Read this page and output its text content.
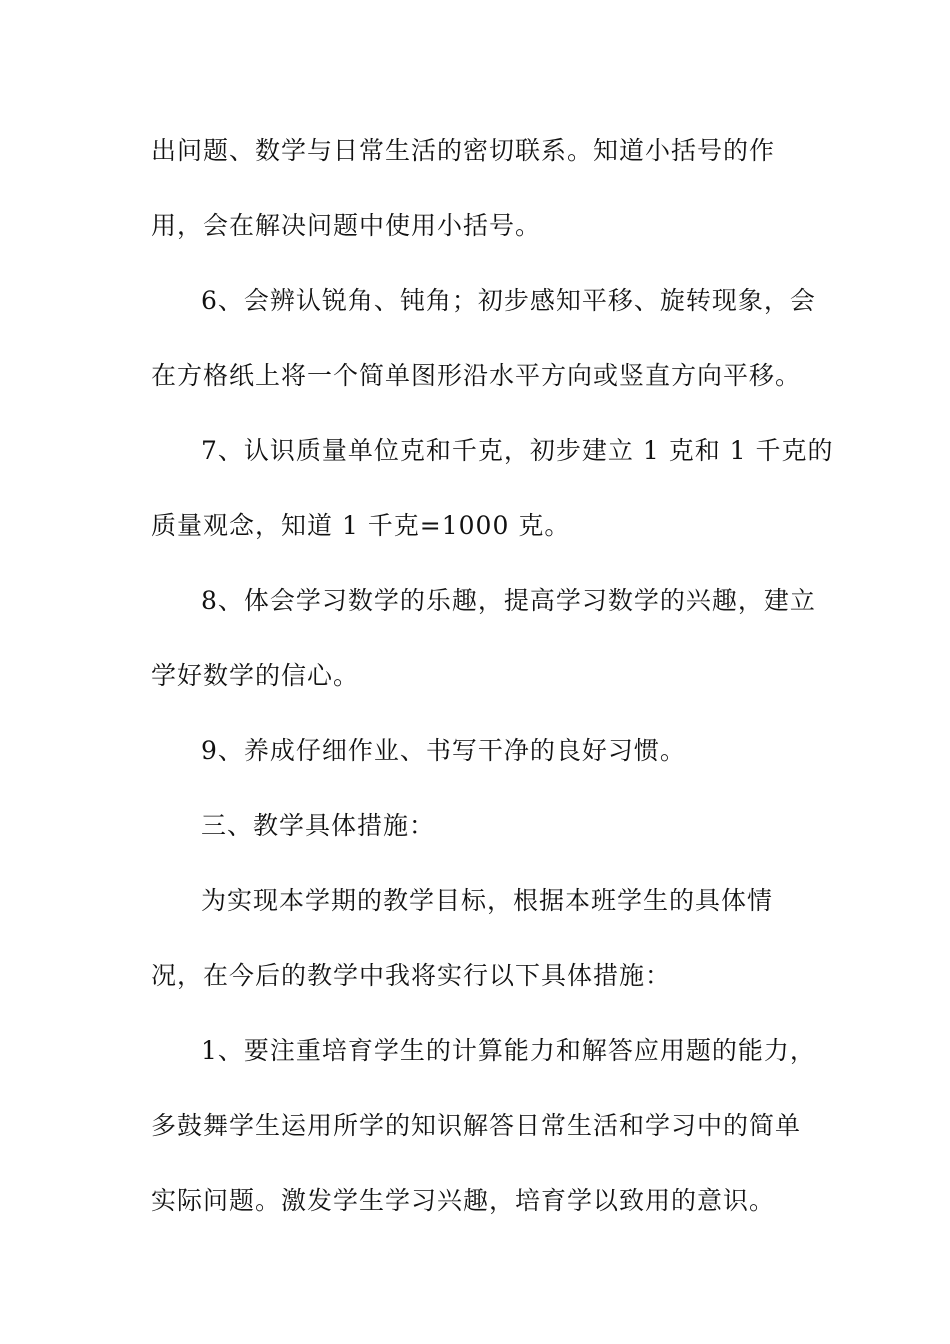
出问题、数学与日常生活的密切联系。知道小括号的作
用，会在解决问题中使用小括号。
6、会辨认锐角、钝角；初步感知平移、旋转现象，会
在方格纸上将一个简单图形沿水平方向或竖直方向平移。
7、认识质量单位克和千克，初步建立 1 克和 1 千克的
质量观念，知道 1 千克=1000 克。
8、体会学习数学的乐趣，提高学习数学的兴趣，建立
学好数学的信心。
9、养成仔细作业、书写干净的良好习惯。
三、教学具体措施：
为实现本学期的教学目标，根据本班学生的具体情
况，在今后的教学中我将实行以下具体措施：
1、要注重培育学生的计算能力和解答应用题的能力，
多鼓舞学生运用所学的知识解答日常生活和学习中的简单
实际问题。激发学生学习兴趣，培育学以致用的意识。
